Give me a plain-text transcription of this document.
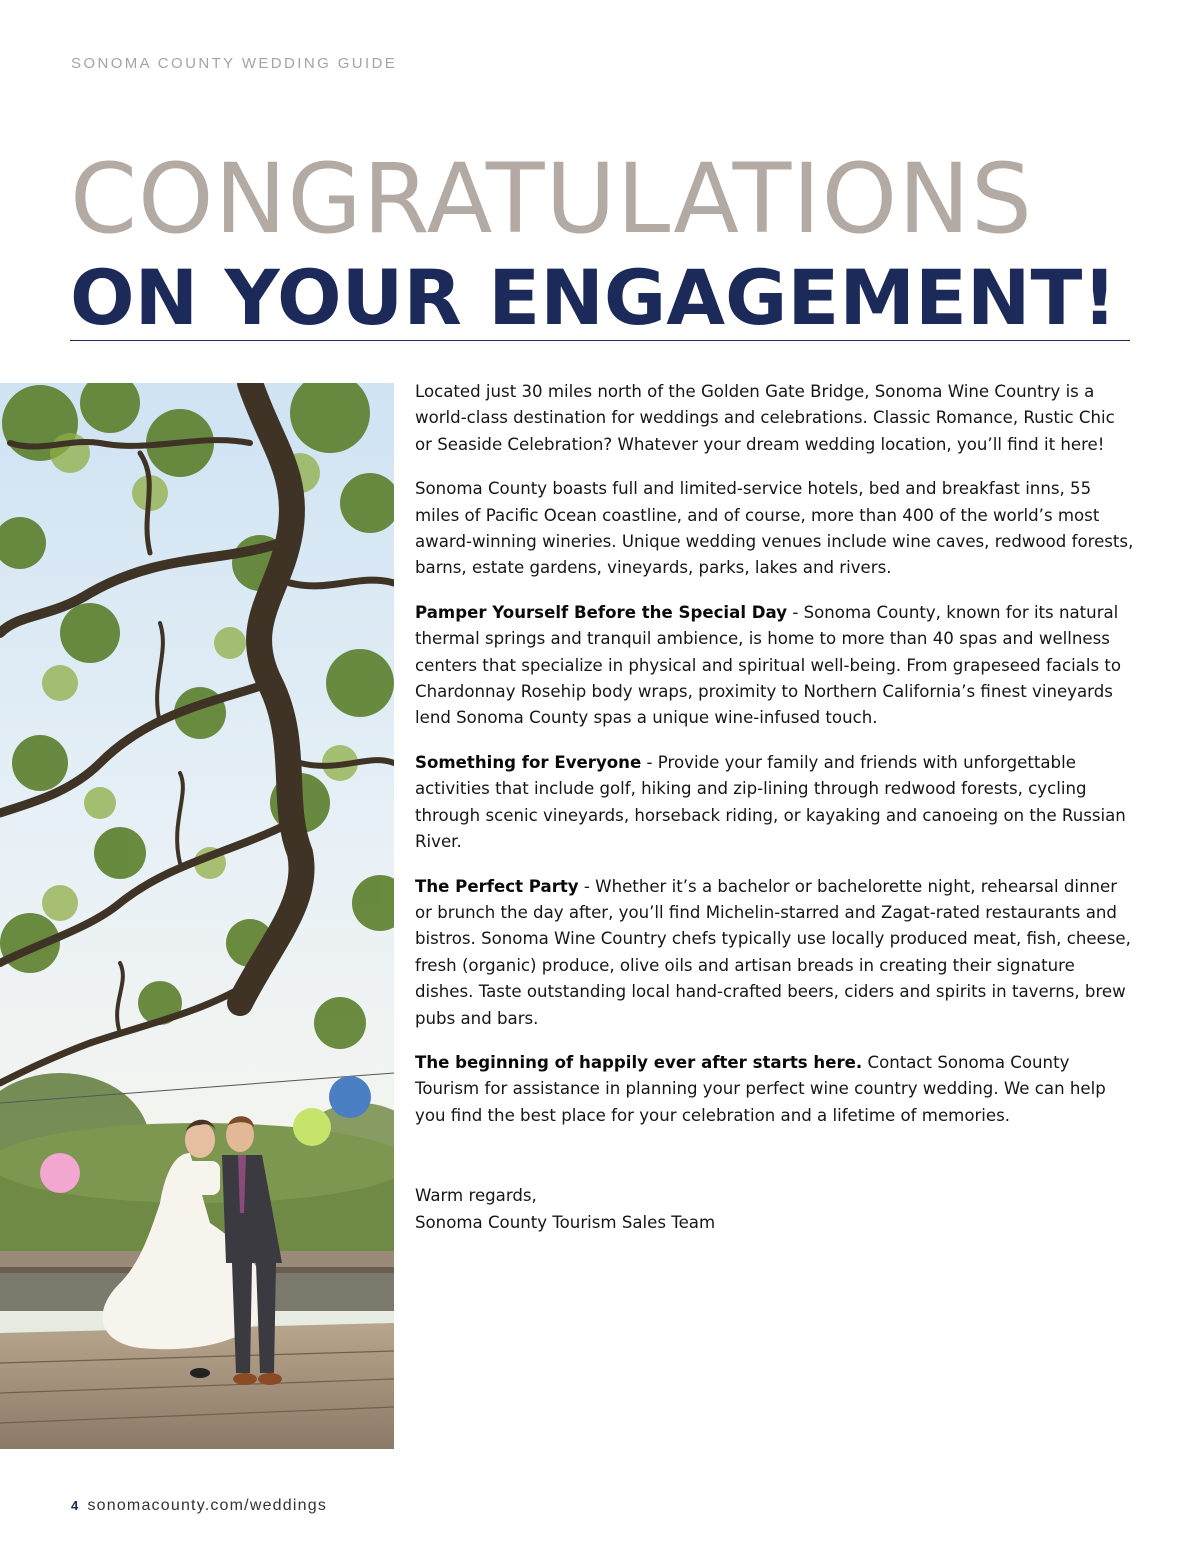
SONOMA COUNTY WEDDING GUIDE
CONGRATULATIONS
ON YOUR ENGAGEMENT!

Located just 30 miles north of the Golden Gate Bridge, Sonoma Wine Country is a world-class destination for weddings and celebrations. Classic Romance, Rustic Chic or Seaside Celebration? Whatever your dream wedding location, you’ll find it here!

Sonoma County boasts full and limited-service hotels, bed and breakfast inns, 55 miles of Pacific Ocean coastline, and of course, more than 400 of the world’s most award-winning wineries. Unique wedding venues include wine caves, redwood forests, barns, estate gardens, vineyards, parks, lakes and rivers.

Pamper Yourself Before the Special Day - Sonoma County, known for its natural thermal springs and tranquil ambience, is home to more than 40 spas and wellness centers that specialize in physical and spiritual well-being. From grapeseed facials to Chardonnay Rosehip body wraps, proximity to Northern California’s finest vineyards lend Sonoma County spas a unique wine-infused touch.

Something for Everyone - Provide your family and friends with unforgettable activities that include golf, hiking and zip-lining through redwood forests, cycling through scenic vineyards, horseback riding, or kayaking and canoeing on the Russian River.

The Perfect Party - Whether it’s a bachelor or bachelorette night, rehearsal dinner or brunch the day after, you’ll find Michelin-starred and Zagat-rated restaurants and bistros. Sonoma Wine Country chefs typically use locally produced meat, fish, cheese, fresh (organic) produce, olive oils and artisan breads in creating their signature dishes. Taste outstanding local hand-crafted beers, ciders and spirits in taverns, brew pubs and bars.

The beginning of happily ever after starts here. Contact Sonoma County Tourism for assistance in planning your perfect wine country wedding. We can help you find the best place for your celebration and a lifetime of memories.

Warm regards,
Sonoma County Tourism Sales Team

4 sonomacounty.com/weddings
